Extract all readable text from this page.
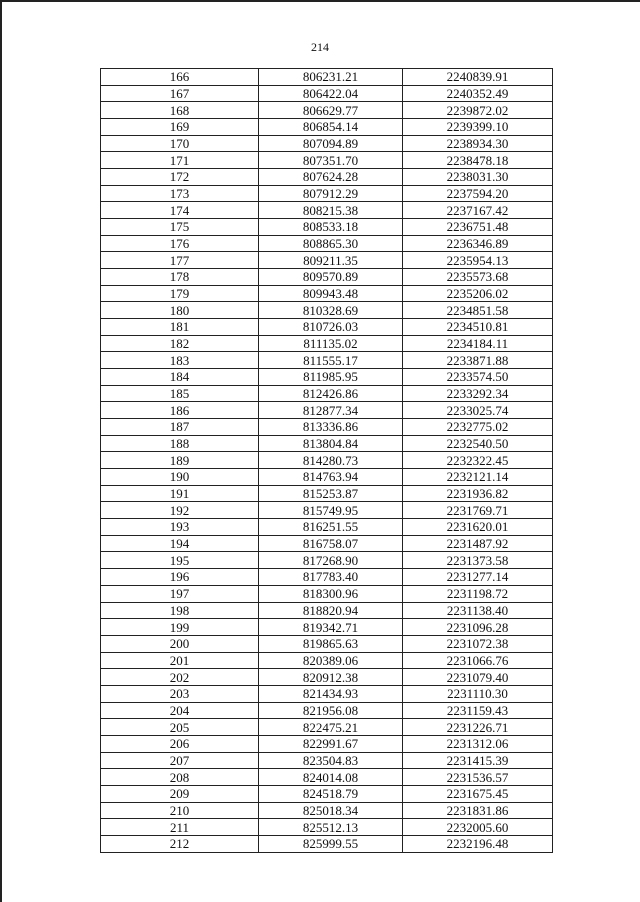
214
166	806231.21	2240839.91
167	806422.04	2240352.49
168	806629.77	2239872.02
169	806854.14	2239399.10
170	807094.89	2238934.30
171	807351.70	2238478.18
172	807624.28	2238031.30
173	807912.29	2237594.20
174	808215.38	2237167.42
175	808533.18	2236751.48
176	808865.30	2236346.89
177	809211.35	2235954.13
178	809570.89	2235573.68
179	809943.48	2235206.02
180	810328.69	2234851.58
181	810726.03	2234510.81
182	811135.02	2234184.11
183	811555.17	2233871.88
184	811985.95	2233574.50
185	812426.86	2233292.34
186	812877.34	2233025.74
187	813336.86	2232775.02
188	813804.84	2232540.50
189	814280.73	2232322.45
190	814763.94	2232121.14
191	815253.87	2231936.82
192	815749.95	2231769.71
193	816251.55	2231620.01
194	816758.07	2231487.92
195	817268.90	2231373.58
196	817783.40	2231277.14
197	818300.96	2231198.72
198	818820.94	2231138.40
199	819342.71	2231096.28
200	819865.63	2231072.38
201	820389.06	2231066.76
202	820912.38	2231079.40
203	821434.93	2231110.30
204	821956.08	2231159.43
205	822475.21	2231226.71
206	822991.67	2231312.06
207	823504.83	2231415.39
208	824014.08	2231536.57
209	824518.79	2231675.45
210	825018.34	2231831.86
211	825512.13	2232005.60
212	825999.55	2232196.48
